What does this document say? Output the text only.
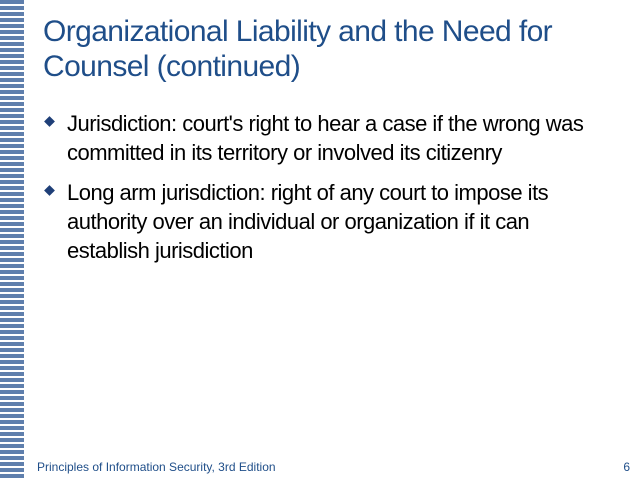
Organizational Liability and the Need for Counsel (continued)
Jurisdiction: court's right to hear a case if the wrong was committed in its territory or involved its citizenry
Long arm jurisdiction: right of any court to impose its authority over an individual or organization if it can establish jurisdiction
Principles of Information Security, 3rd Edition	6
